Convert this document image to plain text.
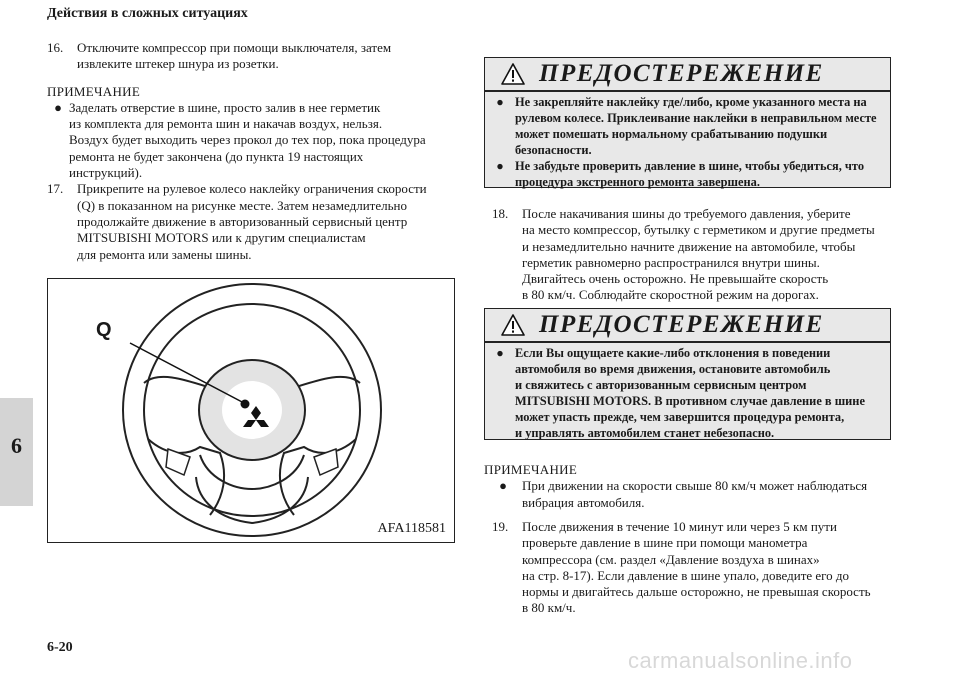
Действия в сложных ситуациях
6
6-20
16.	Отключите компрессор при помощи выключателя, затем
извлеките штекер шнура из розетки.
ПРИМЕЧАНИЕ
● Заделать отверстие в шине, просто залив в нее герметик
из комплекта для ремонта шин и накачав воздух, нельзя.
Воздух будет выходить через прокол до тех пор, пока процедура
ремонта не будет закончена (до пункта 19 настоящих
инструкций).
17.	Прикрепите на рулевое колесо наклейку ограничения скорости
(Q) в показанном на рисунке месте. Затем незамедлительно
продолжайте движение в авторизованный сервисный центр
MITSUBISHI MOTORS или к другим специалистам
для ремонта или замены шины.
Q
AFA118581
ПРЕДОСТЕРЕЖЕНИЕ
● Не закрепляйте наклейку где/либо, кроме указанного места на
рулевом колесе. Приклеивание наклейки в неправильном месте
может помешать нормальному срабатыванию подушки
безопасности.
● Не забудьте проверить давление в шине, чтобы убедиться, что
процедура экстренного ремонта завершена.
18.	После накачивания шины до требуемого давления, уберите
на место компрессор, бутылку с герметиком и другие предметы
и незамедлительно начните движение на автомобиле, чтобы
герметик равномерно распространился внутри шины.
Двигайтесь очень осторожно. Не превышайте скорость
в 80 км/ч. Соблюдайте скоростной режим на дорогах.
ПРЕДОСТЕРЕЖЕНИЕ
● Если Вы ощущаете какие-либо отклонения в поведении
автомобиля во время движения, остановите автомобиль
и свяжитесь с авторизованным сервисным центром
MITSUBISHI MOTORS. В противном случае давление в шине
может упасть прежде, чем завершится процедура ремонта,
и управлять автомобилем станет небезопасно.
ПРИМЕЧАНИЕ
●	При движении на скорости свыше 80 км/ч может наблюдаться
вибрация автомобиля.
19.	После движения в течение 10 минут или через 5 км пути
проверьте давление в шине при помощи манометра
компрессора (см. раздел «Давление воздуха в шинах»
на стр. 8-17). Если давление в шине упало, доведите его до
нормы и двигайтесь дальше осторожно, не превышая скорость
в 80 км/ч.
carmanualsonline.info
